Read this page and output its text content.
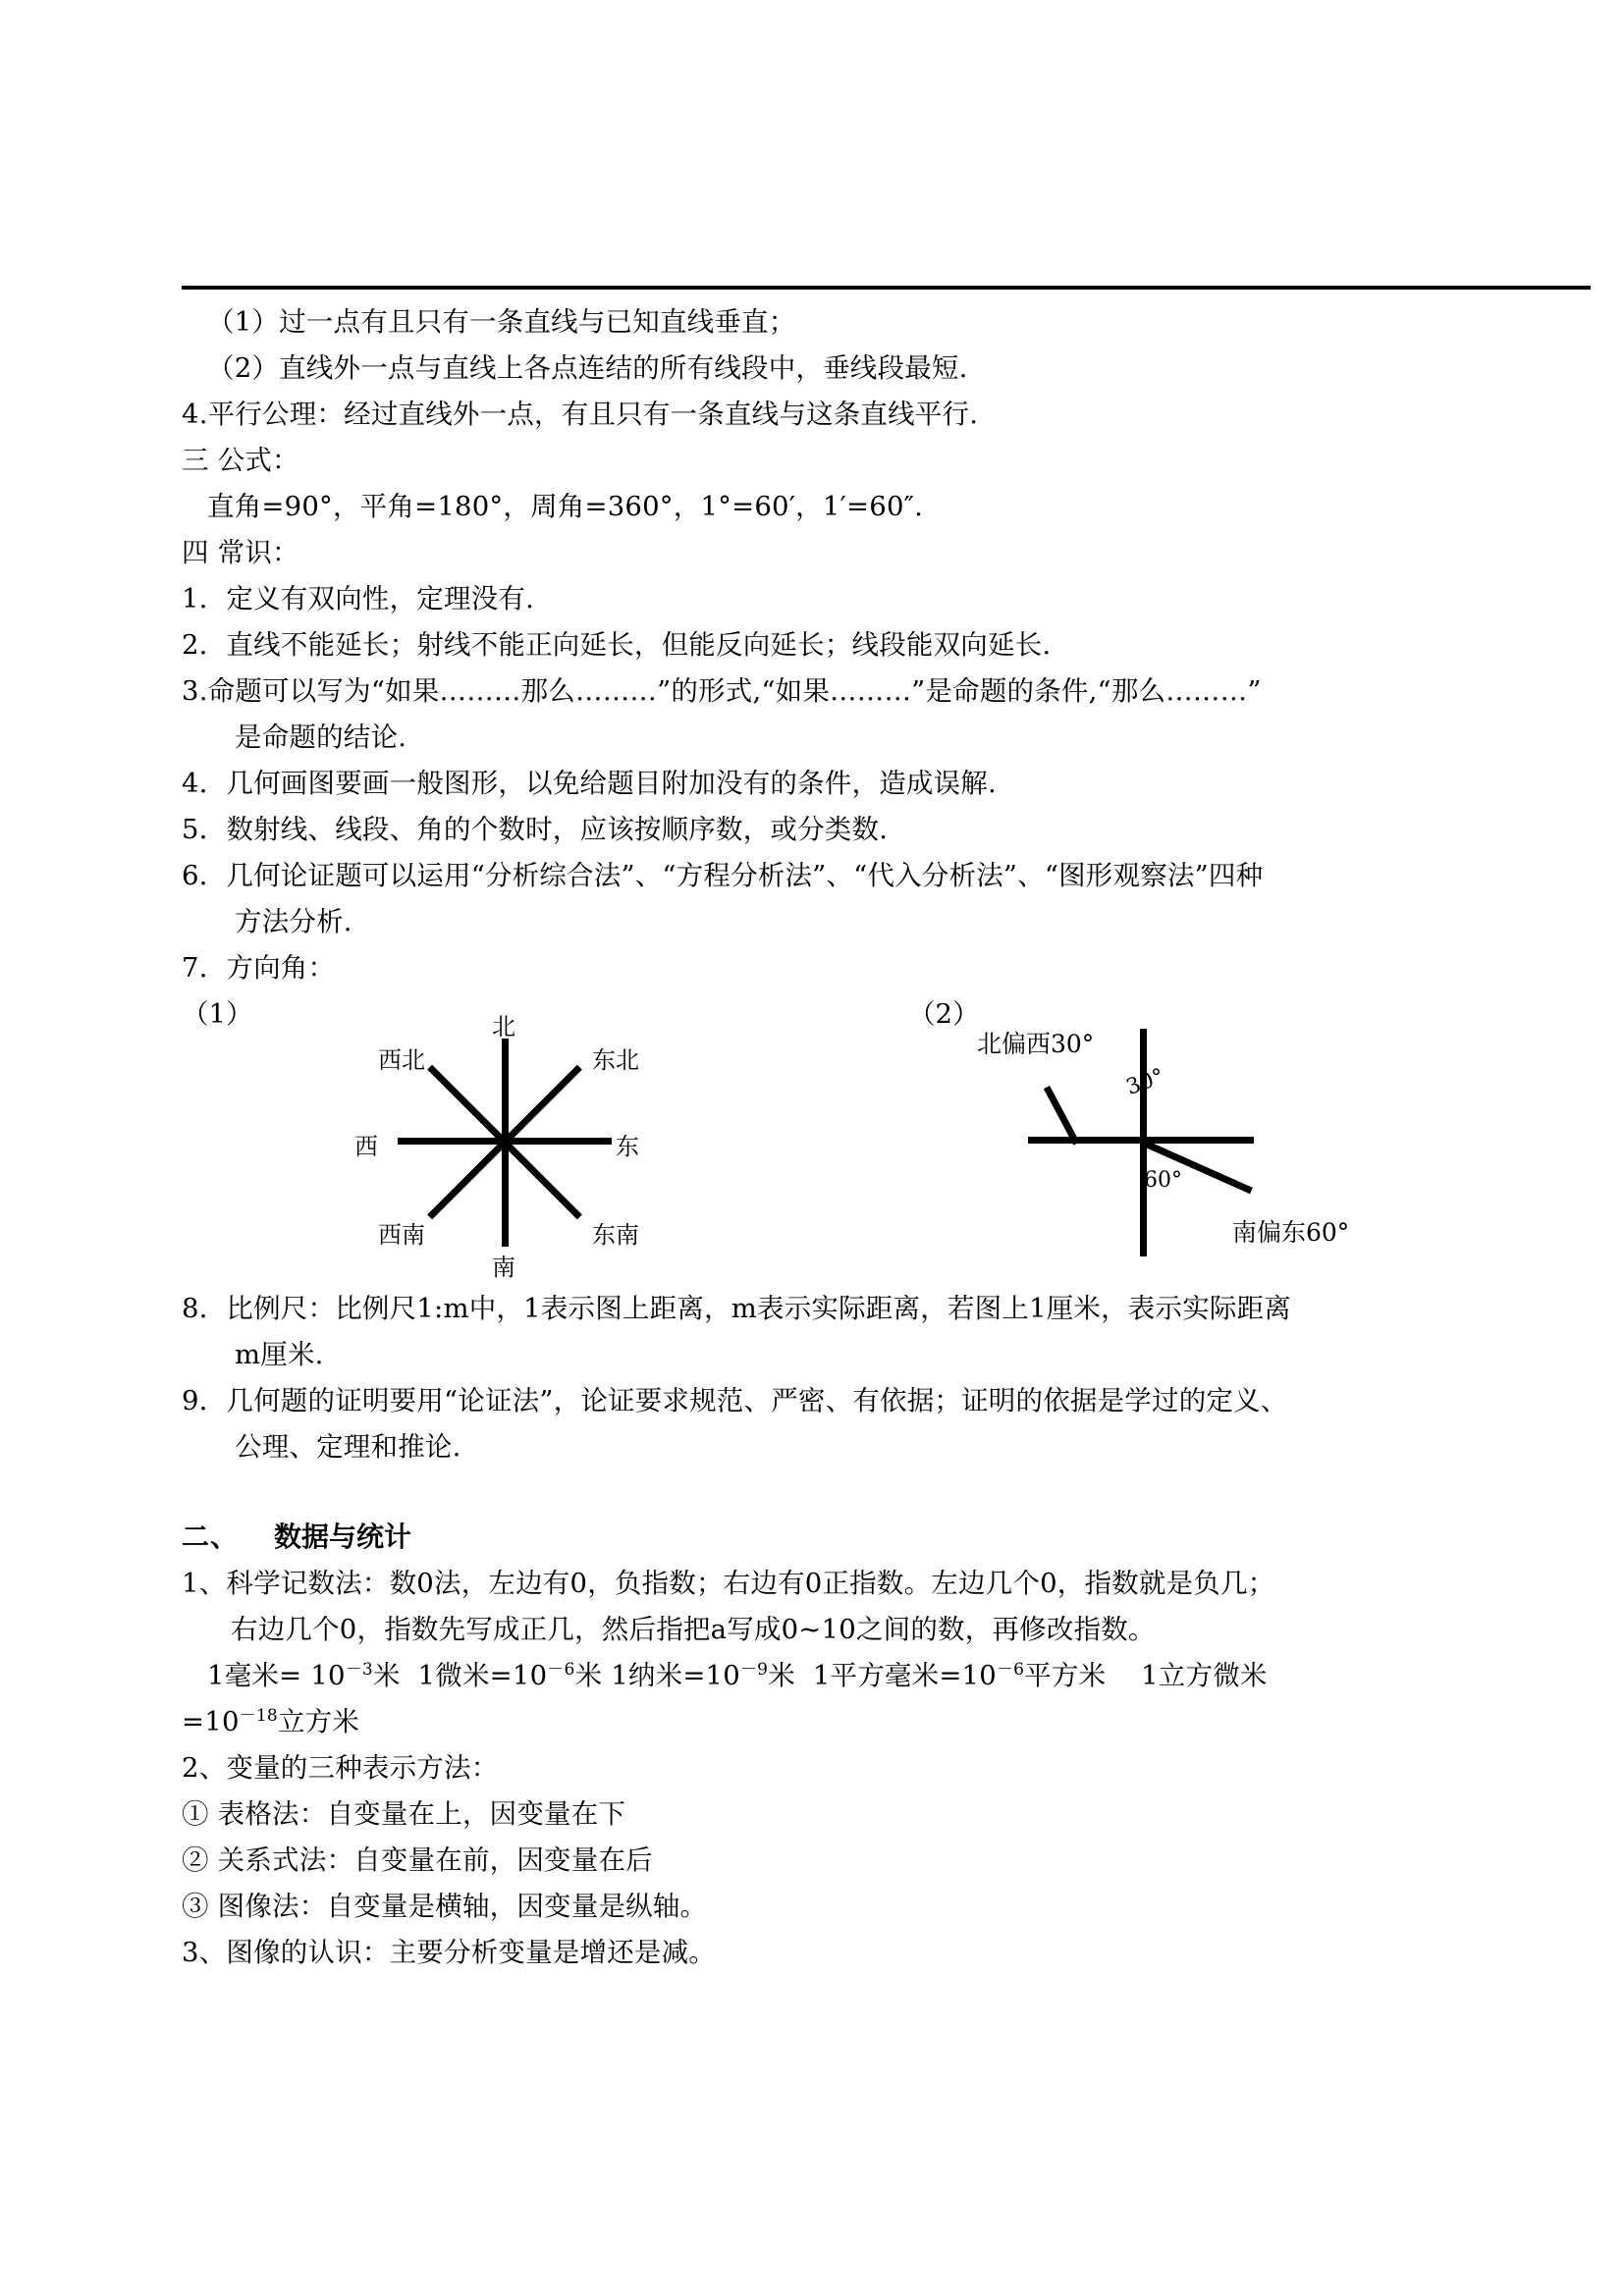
（1）过一点有且只有一条直线与已知直线垂直；
（2）直线外一点与直线上各点连结的所有线段中，垂线段最短.
4.平行公理：经过直线外一点，有且只有一条直线与这条直线平行.
三 公式：
直角=90°，平角=180°，周角=360°，1°=60′，1′=60″.
四 常识：
1．定义有双向性，定理没有.
2．直线不能延长；射线不能正向延长，但能反向延长；线段能双向延长.
3.命题可以写为“如果………那么………”的形式,“如果………”是命题的条件,“那么………”
是命题的结论.
4．几何画图要画一般图形，以免给题目附加没有的条件，造成误解.
5．数射线、线段、角的个数时，应该按顺序数，或分类数.
6．几何论证题可以运用“分析综合法”、“方程分析法”、“代入分析法”、“图形观察法”四种
方法分析.
7．方向角：
（1）	北
南
西	东
西北	东北
西南	东南
（2）
北偏西30°
南偏东60°
30°
60°
8．比例尺：比例尺1:m中，1表示图上距离，m表示实际距离，若图上1厘米，表示实际距离
m厘米.
9．几何题的证明要用“论证法”，论证要求规范、严密、有依据；证明的依据是学过的定义、
公理、定理和推论.
二、 数据与统计
1、科学记数法：数0法，左边有0，负指数；右边有0正指数。左边几个0，指数就是负几；
右边几个0，指数先写成正几，然后指把a写成0~10之间的数，再修改指数。
1毫米= $10^{-3}$米  1微米$=10^{-6}$米 1纳米$=10^{-9}$米  1平方毫米$=10^{-6}$平方米    1立方微米
$=10^{-18}$立方米
2、变量的三种表示方法：
① 表格法：自变量在上，因变量在下
② 关系式法：自变量在前，因变量在后
③ 图像法：自变量是横轴，因变量是纵轴。
3、图像的认识：主要分析变量是增还是减。
